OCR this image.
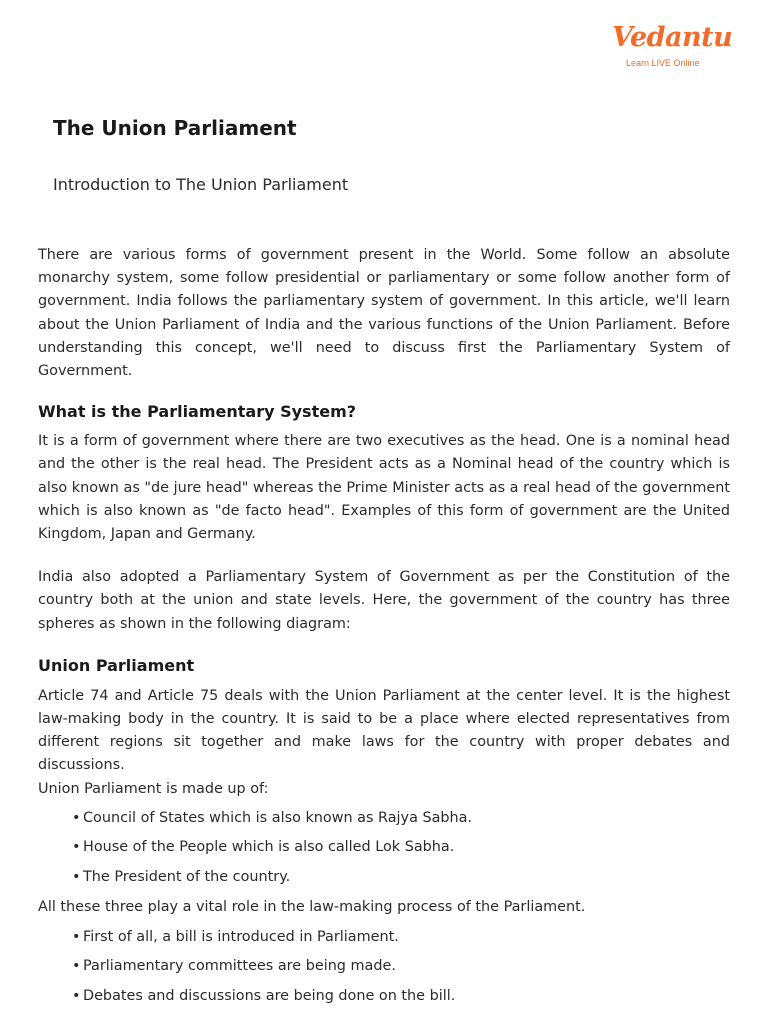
Vedantu
Learn LIVE Online
The Union Parliament
Introduction to The Union Parliament

There are various forms of government present in the World. Some follow an absolute monarchy system, some follow presidential or parliamentary or some follow another form of government. India follows the parliamentary system of government. In this article, we'll learn about the Union Parliament of India and the various functions of the Union Parliament. Before understanding this concept, we'll need to discuss first the Parliamentary System of Government.

What is the Parliamentary System?

It is a form of government where there are two executives as the head. One is a nominal head and the other is the real head. The President acts as a Nominal head of the country which is also known as "de jure head" whereas the Prime Minister acts as a real head of the government which is also known as "de facto head". Examples of this form of government are the United Kingdom, Japan and Germany.

India also adopted a Parliamentary System of Government as per the Constitution of the country both at the union and state levels. Here, the government of the country has three spheres as shown in the following diagram:

Union Parliament

Article 74 and Article 75 deals with the Union Parliament at the center level. It is the highest law-making body in the country. It is said to be a place where elected representatives from different regions sit together and make laws for the country with proper debates and discussions.

Union Parliament is made up of:

• Council of States which is also known as Rajya Sabha.
• House of the People which is also called Lok Sabha.
• The President of the country.

All these three play a vital role in the law-making process of the Parliament.

• First of all, a bill is introduced in Parliament.
• Parliamentary committees are being made.
• Debates and discussions are being done on the bill.
